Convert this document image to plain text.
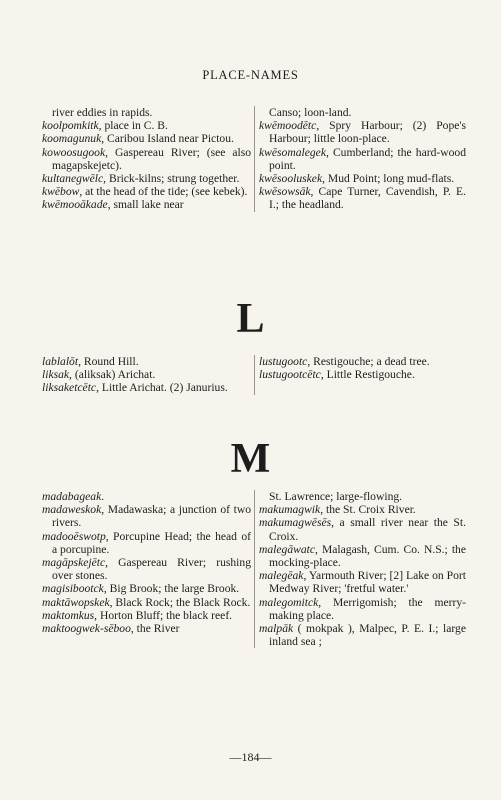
PLACE-NAMES

river eddies in rapids.

koolpomkitk, place in C. B.

koomagunuk, Caribou Island near Pictou.

kowoosugook, Gaspereau River; (see also magapskejetc).

kultanegwēlc, Brick-kilns; strung together.

kwēbow, at the head of the tide; (see kebek).

kwēmooākade, small lake near

Canso; loon-land.

kwēmoodētc, Spry Harbour; (2) Pope's Harbour; little loon-place.

kwēsomalegek, Cumberland; the hard-wood point.

kwēsooluskek, Mud Point; long mud-flats.

kwēsowsāk, Cape Turner, Cavendish, P. E. I.; the headland.

L

lablalōt, Round Hill.

liksak, (aliksak) Arichat.

liksaketcētc, Little Arichat. (2) Janurius.

lustugootc, Restigouche; a dead tree.

lustugootcētc, Little Restigouche.

M

madabageak.

madaweskok, Madawaska; a junction of two rivers.

madooēswotp, Porcupine Head; the head of a porcupine.

magāpskejētc, Gaspereau River; rushing over stones.

magisibootck, Big Brook; the large Brook.

maktāwopskek, Black Rock; the Black Rock.

maktomkus, Horton Bluff; the black reef.

maktoogwek-sēboo, the River

St. Lawrence; large-flowing.

makumagwik, the St. Croix River.

makumagwēsēs, a small river near the St. Croix.

malegāwatc, Malagash, Cum. Co. N.S.; the mocking-place.

malegēak, Yarmouth River; [2] Lake on Port Medway River; 'fretful water.'

malegomitck, Merrigomish; the merry-making place.

malpāk ( mokpak ), Malpec, P. E. I.; large inland sea ;

—184—
